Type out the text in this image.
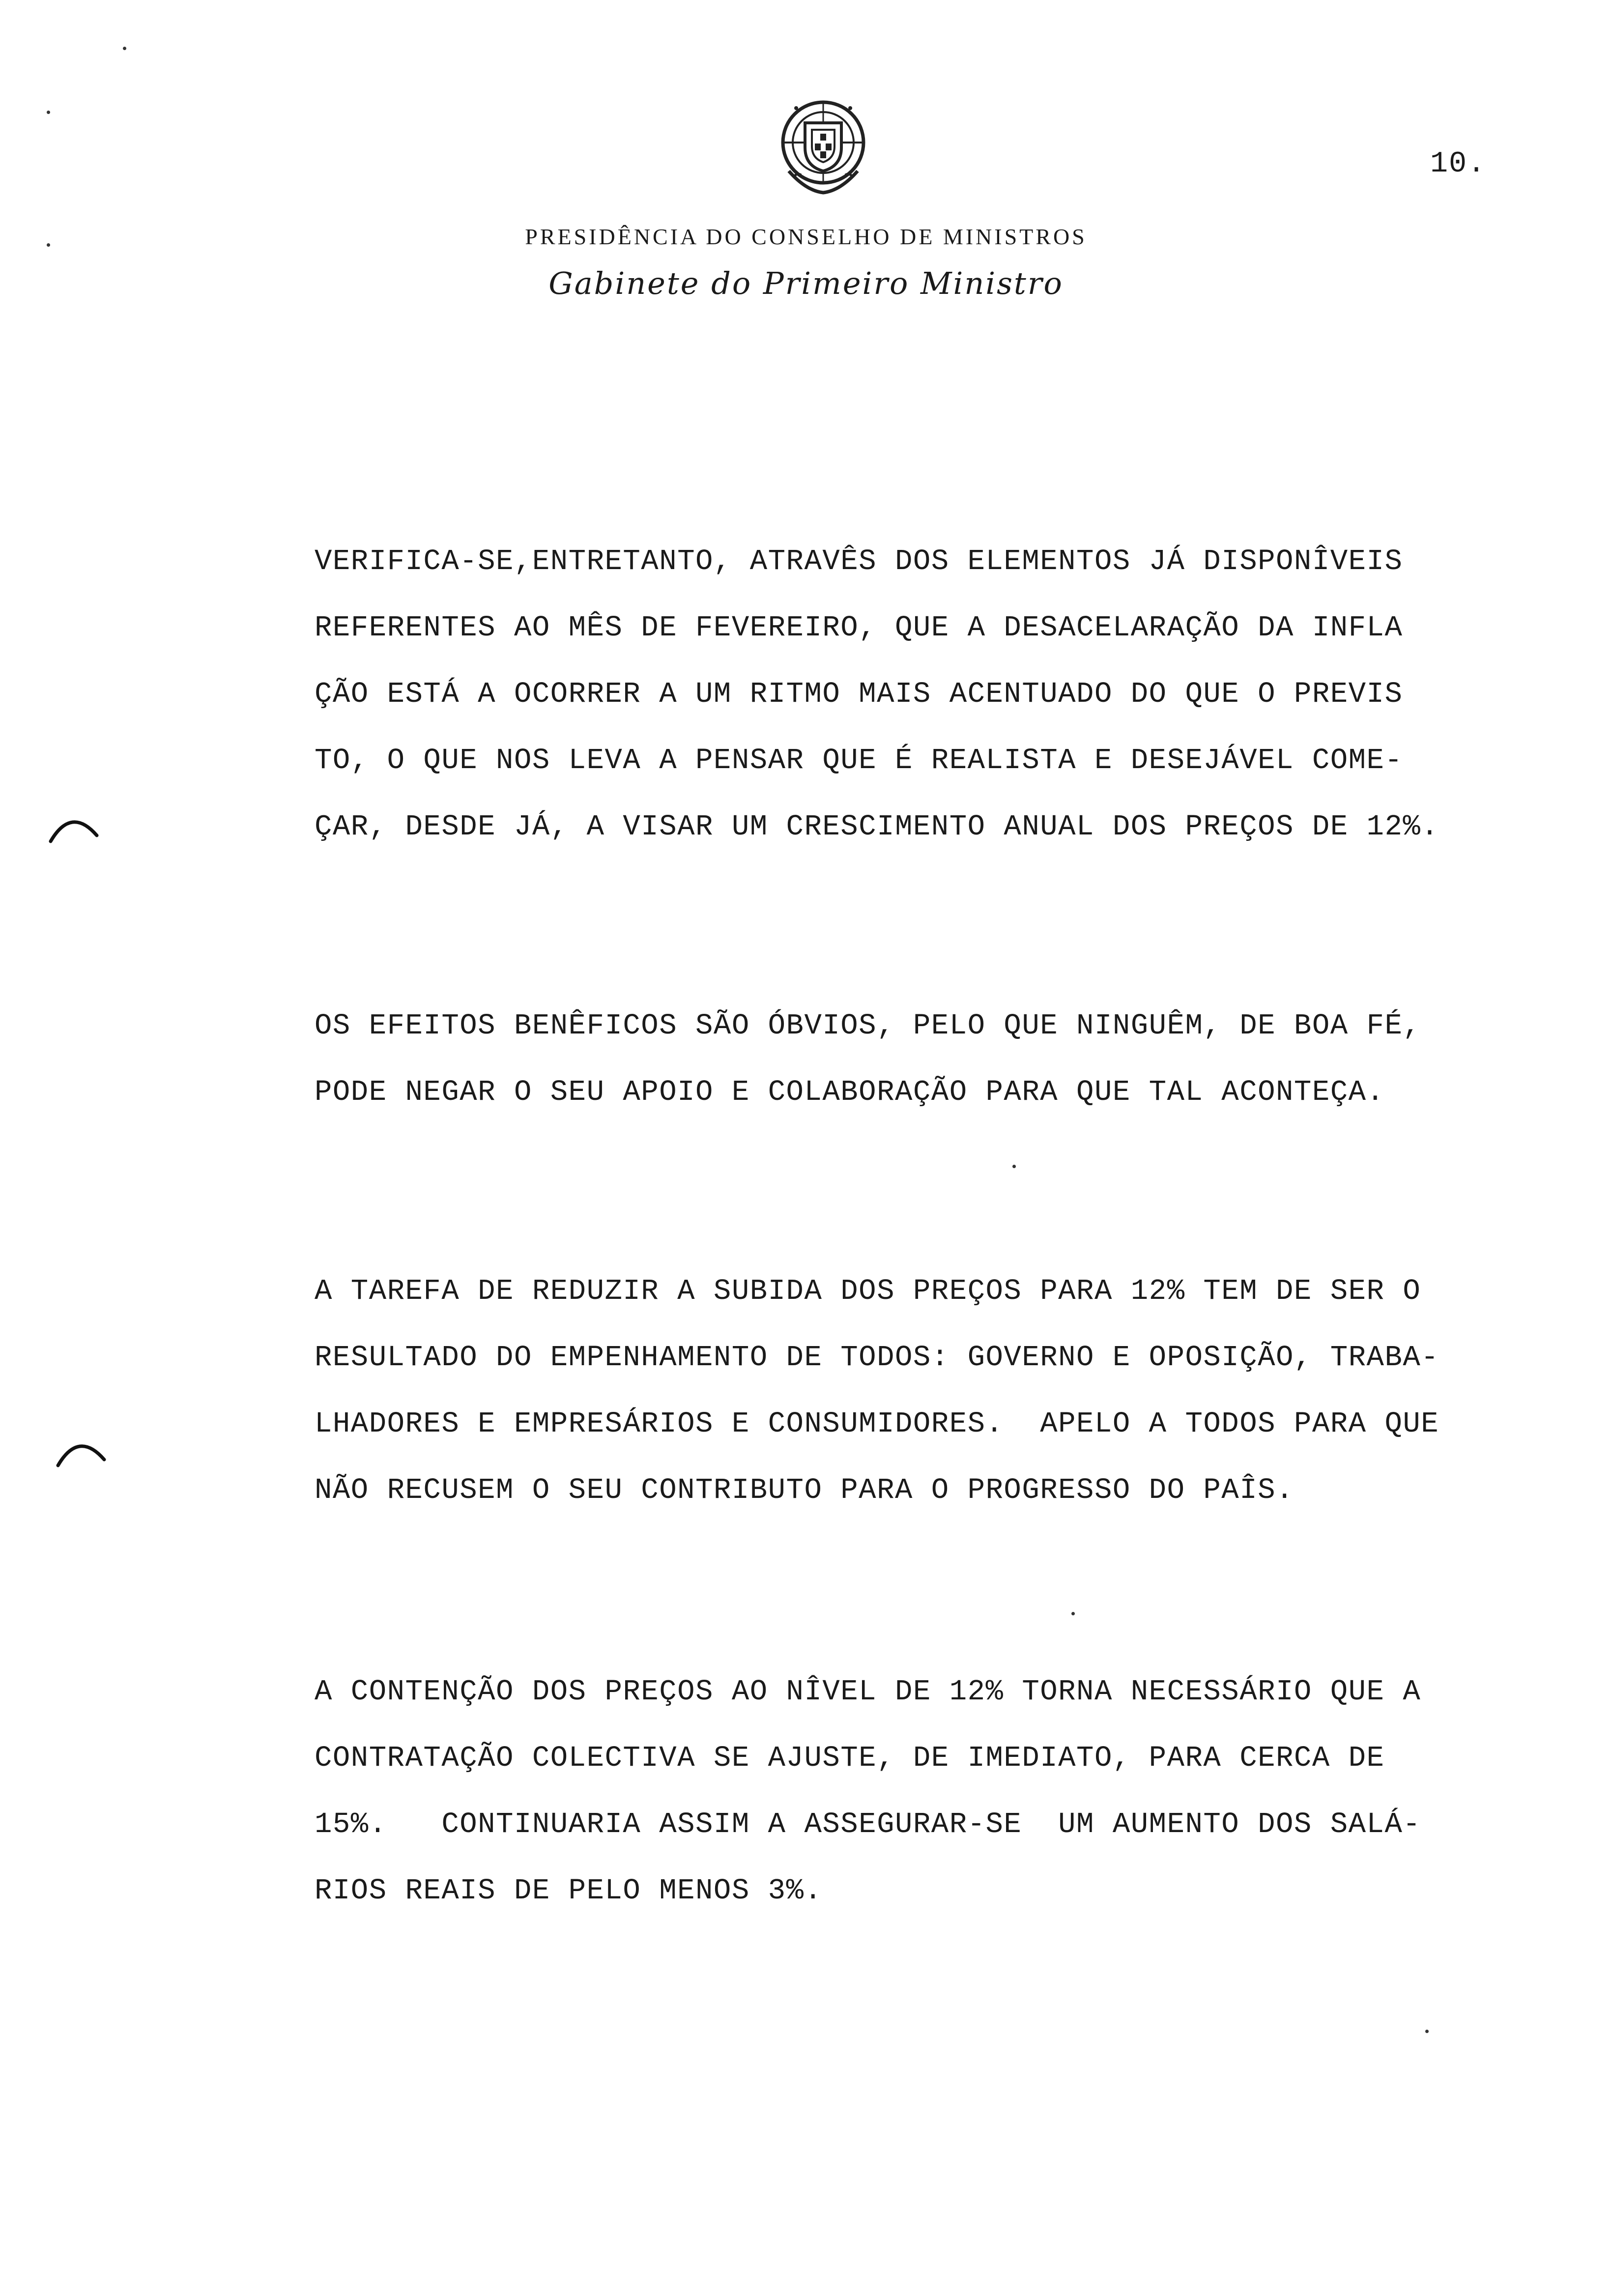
10.
PRESIDÊNCIA DO CONSELHO DE MINISTROS
Gabinete do Primeiro Ministro
VERIFICA-SE,ENTRETANTO, ATRAVÊS DOS ELEMENTOS JÁ DISPONÎVEIS
REFERENTES AO MÊS DE FEVEREIRO, QUE A DESACELARAÇÃO DA INFLA
ÇÃO ESTÁ A OCORRER A UM RITMO MAIS ACENTUADO DO QUE O PREVIS
TO, O QUE NOS LEVA A PENSAR QUE É REALISTA E DESEJÁVEL COME-
ÇAR, DESDE JÁ, A VISAR UM CRESCIMENTO ANUAL DOS PREÇOS DE 12%.
OS EFEITOS BENÊFICOS SÃO ÓBVIOS, PELO QUE NINGUÊM, DE BOA FÉ,
PODE NEGAR O SEU APOIO E COLABORAÇÃO PARA QUE TAL ACONTEÇA.
A TAREFA DE REDUZIR A SUBIDA DOS PREÇOS PARA 12% TEM DE SER O
RESULTADO DO EMPENHAMENTO DE TODOS: GOVERNO E OPOSIÇÃO, TRABA-
LHADORES E EMPRESÁRIOS E CONSUMIDORES.  APELO A TODOS PARA QUE
NÃO RECUSEM O SEU CONTRIBUTO PARA O PROGRESSO DO PAÎS.
A CONTENÇÃO DOS PREÇOS AO NÎVEL DE 12% TORNA NECESSÁRIO QUE A
CONTRATAÇÃO COLECTIVA SE AJUSTE, DE IMEDIATO, PARA CERCA DE
15%.   CONTINUARIA ASSIM A ASSEGURAR-SE  UM AUMENTO DOS SALÁ-
RIOS REAIS DE PELO MENOS 3%.
